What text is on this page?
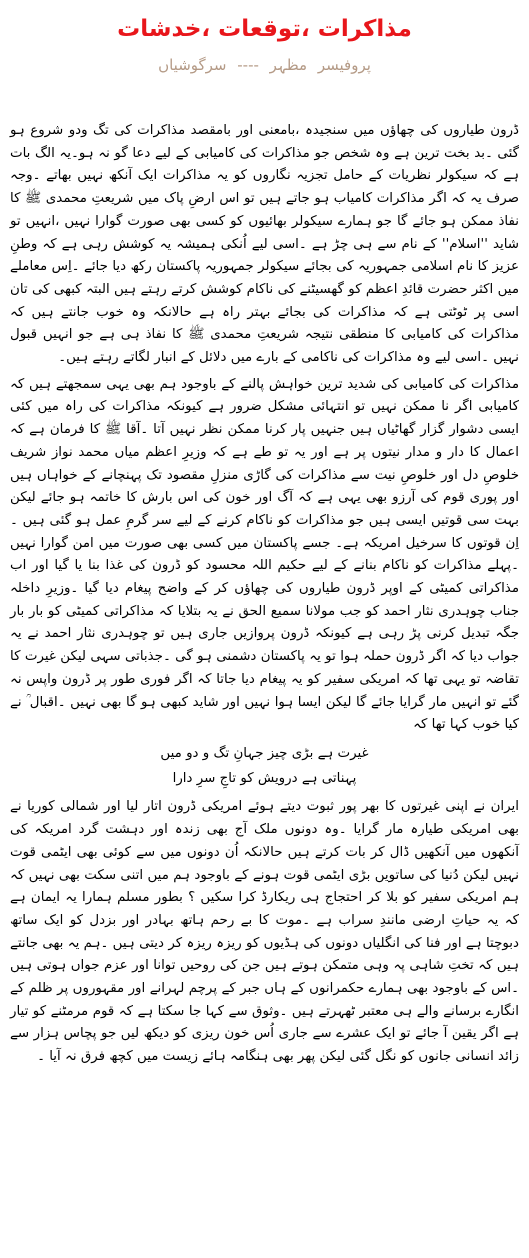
مذاکرات ،توقعات ،خدشات
پروفیسر مظہر ---- سرگوشیاں

ڈرون طیاروں کی چھاؤں میں سنجیدہ ،بامعنی اور بامقصد مذاکرات کی تگ ودو شروع ہو گئی ۔بد بخت ترین ہے وہ شخص جو مذاکرات کی کامیابی کے لیے دعا گو نہ ہو۔یہ الگ بات ہے کہ سیکولر نظریات کے حامل تجزیہ نگاروں کو یہ مذاکرات ایک آنکھ نہیں بھاتے ۔وجہ صرف یہ کہ اگر مذاکرات کامیاب ہو جاتے ہیں تو اس ارضِ پاک میں شریعتِ محمدی ﷺ کا نفاذ ممکن ہو جائے گا جو ہمارے سیکولر بھائیوں کو کسی بھی صورت گوارا نہیں ،انہیں تو شاید ''اسلام'' کے نام سے ہی چڑ ہے ۔اسی لیے اُنکی ہمیشہ یہ کوشش رہی ہے کہ وطنِ عزیز کا نام اسلامی جمہوریہ کی بجائے سیکولر جمہوریہ پاکستان رکھ دیا جائے ۔اِس معاملے میں اکثر حضرت قائدِ اعظم کو گھسیٹنے کی ناکام کوشش کرتے رہتے ہیں البتہ کبھی کی تان اسی پر ٹوٹتی ہے کہ مذاکرات کی بجائے بہتر راہ ہے حالانکہ وہ خوب جانتے ہیں کہ مذاکرات کی کامیابی کا منطقی نتیجہ شریعتِ محمدی ﷺ کا نفاذ ہی ہے جو انہیں قبول نہیں ۔اسی لیے وہ مذاکرات کی ناکامی کے بارے میں دلائل کے انبار لگاتے رہتے ہیں۔

مذاکرات کی کامیابی کی شدید ترین خواہش پالنے کے باوجود ہم بھی یہی سمجھتے ہیں کہ کامیابی اگر نا ممکن نہیں تو انتہائی مشکل ضرور ہے کیونکہ مذاکرات کی راہ میں کئی ایسی دشوار گزار گھاٹیاں ہیں جنہیں پار کرنا ممکن نظر نہیں آتا ۔آقا ﷺ کا فرمان ہے کہ اعمال کا دار و مدار نیتوں پر ہے اور یہ تو طے ہے کہ وزیرِ اعظم میاں محمد نواز شریف خلوصِ دل اور خلوصِ نیت سے مذاکرات کی گاڑی منزلِ مقصود تک پہنچانے کے خواہاں ہیں اور پوری قوم کی آرزو بھی یہی ہے کہ آگ اور خون کی اس بارش کا خاتمہ ہو جائے لیکن بہت سی قوتیں ایسی ہیں جو مذاکرات کو ناکام کرنے کے لیے سر گرمِ عمل ہو گئی ہیں ۔اِن قوتوں کا سرخیل امریکہ ہے۔ جسے پاکستان میں کسی بھی صورت میں امن گوارا نہیں ۔پہلے مذاکرات کو ناکام بنانے کے لیے حکیم اللہ محسود کو ڈرون کی غذا بنا یا گیا اور اب مذاکراتی کمیٹی کے اوپر ڈرون طیاروں کی چھاؤں کر کے واضح پیغام دیا گیا ۔وزیرِ داخلہ جناب چوہدری نثار احمد کو جب مولانا سمیع الحق نے یہ بتلایا کہ مذاکراتی کمیٹی کو بار بار جگہ تبدیل کرنی پڑ رہی ہے کیونکہ ڈرون پروازیں جاری ہیں تو چوہدری نثار احمد نے یہ جواب دیا کہ اگر ڈرون حملہ ہوا تو یہ پاکستان دشمنی ہو گی ۔جذباتی سہی لیکن غیرت کا تقاضہ تو یہی تھا کہ امریکی سفیر کو یہ پیغام دیا جاتا کہ اگر فوری طور پر ڈرون واپس نہ گئے تو انہیں مار گرایا جائے گا لیکن ایسا ہوا نہیں اور شاید کبھی ہو گا بھی نہیں ۔اقبال ؒ نے کیا خوب کہا تھا کہ

غیرت ہے بڑی چیز جہانِ تگ و دو میں
پہناتی ہے درویش کو تاجِ سرِ دارا

ایران نے اپنی غیرتوں کا بھر پور ثبوت دیتے ہوئے امریکی ڈرون اتار لیا اور شمالی کوریا نے بھی امریکی طیارہ مار گرایا ۔وہ دونوں ملک آج بھی زندہ اور دہشت گرد امریکہ کی آنکھوں میں آنکھیں ڈال کر بات کرتے ہیں حالانکہ اُن دونوں میں سے کوئی بھی ایٹمی قوت نہیں لیکن دُنیا کی ساتویں بڑی ایٹمی قوت ہونے کے باوجود ہم میں اتنی سکت بھی نہیں کہ ہم امریکی سفیر کو بلا کر احتجاج ہی ریکارڈ کرا سکیں ؟ بطور مسلم ہمارا یہ ایمان ہے کہ یہ حیاتِ ارضی مانندِ سراب ہے ۔موت کا بے رحم ہاتھ بہادر اور بزدل کو ایک ساتھ دبوچتا ہے اور فنا کی انگلیاں دونوں کی ہڈیوں کو ریزہ ریزہ کر دیتی ہیں ۔ہم یہ بھی جانتے ہیں کہ تختِ شاہی پہ وہی متمکن ہوتے ہیں جن کی روحیں توانا اور عزم جواں ہوتی ہیں ۔اس کے باوجود بھی ہمارے حکمرانوں کے ہاں جبر کے پرچم لہرانے اور مقہوروں پر ظلم کے انگارے برسانے والے ہی معتبر ٹھہرتے ہیں ۔وثوق سے کہا جا سکتا ہے کہ قوم مرمٹنے کو تیار ہے اگر یقین آ جائے تو ایک عشرے سے جاری اُس خون ریزی کو دیکھ لیں جو پچاس ہزار سے زائد انسانی جانوں کو نگل گئی لیکن پھر بھی ہنگامہ ہائے زیست میں کچھ فرق نہ آیا ۔
